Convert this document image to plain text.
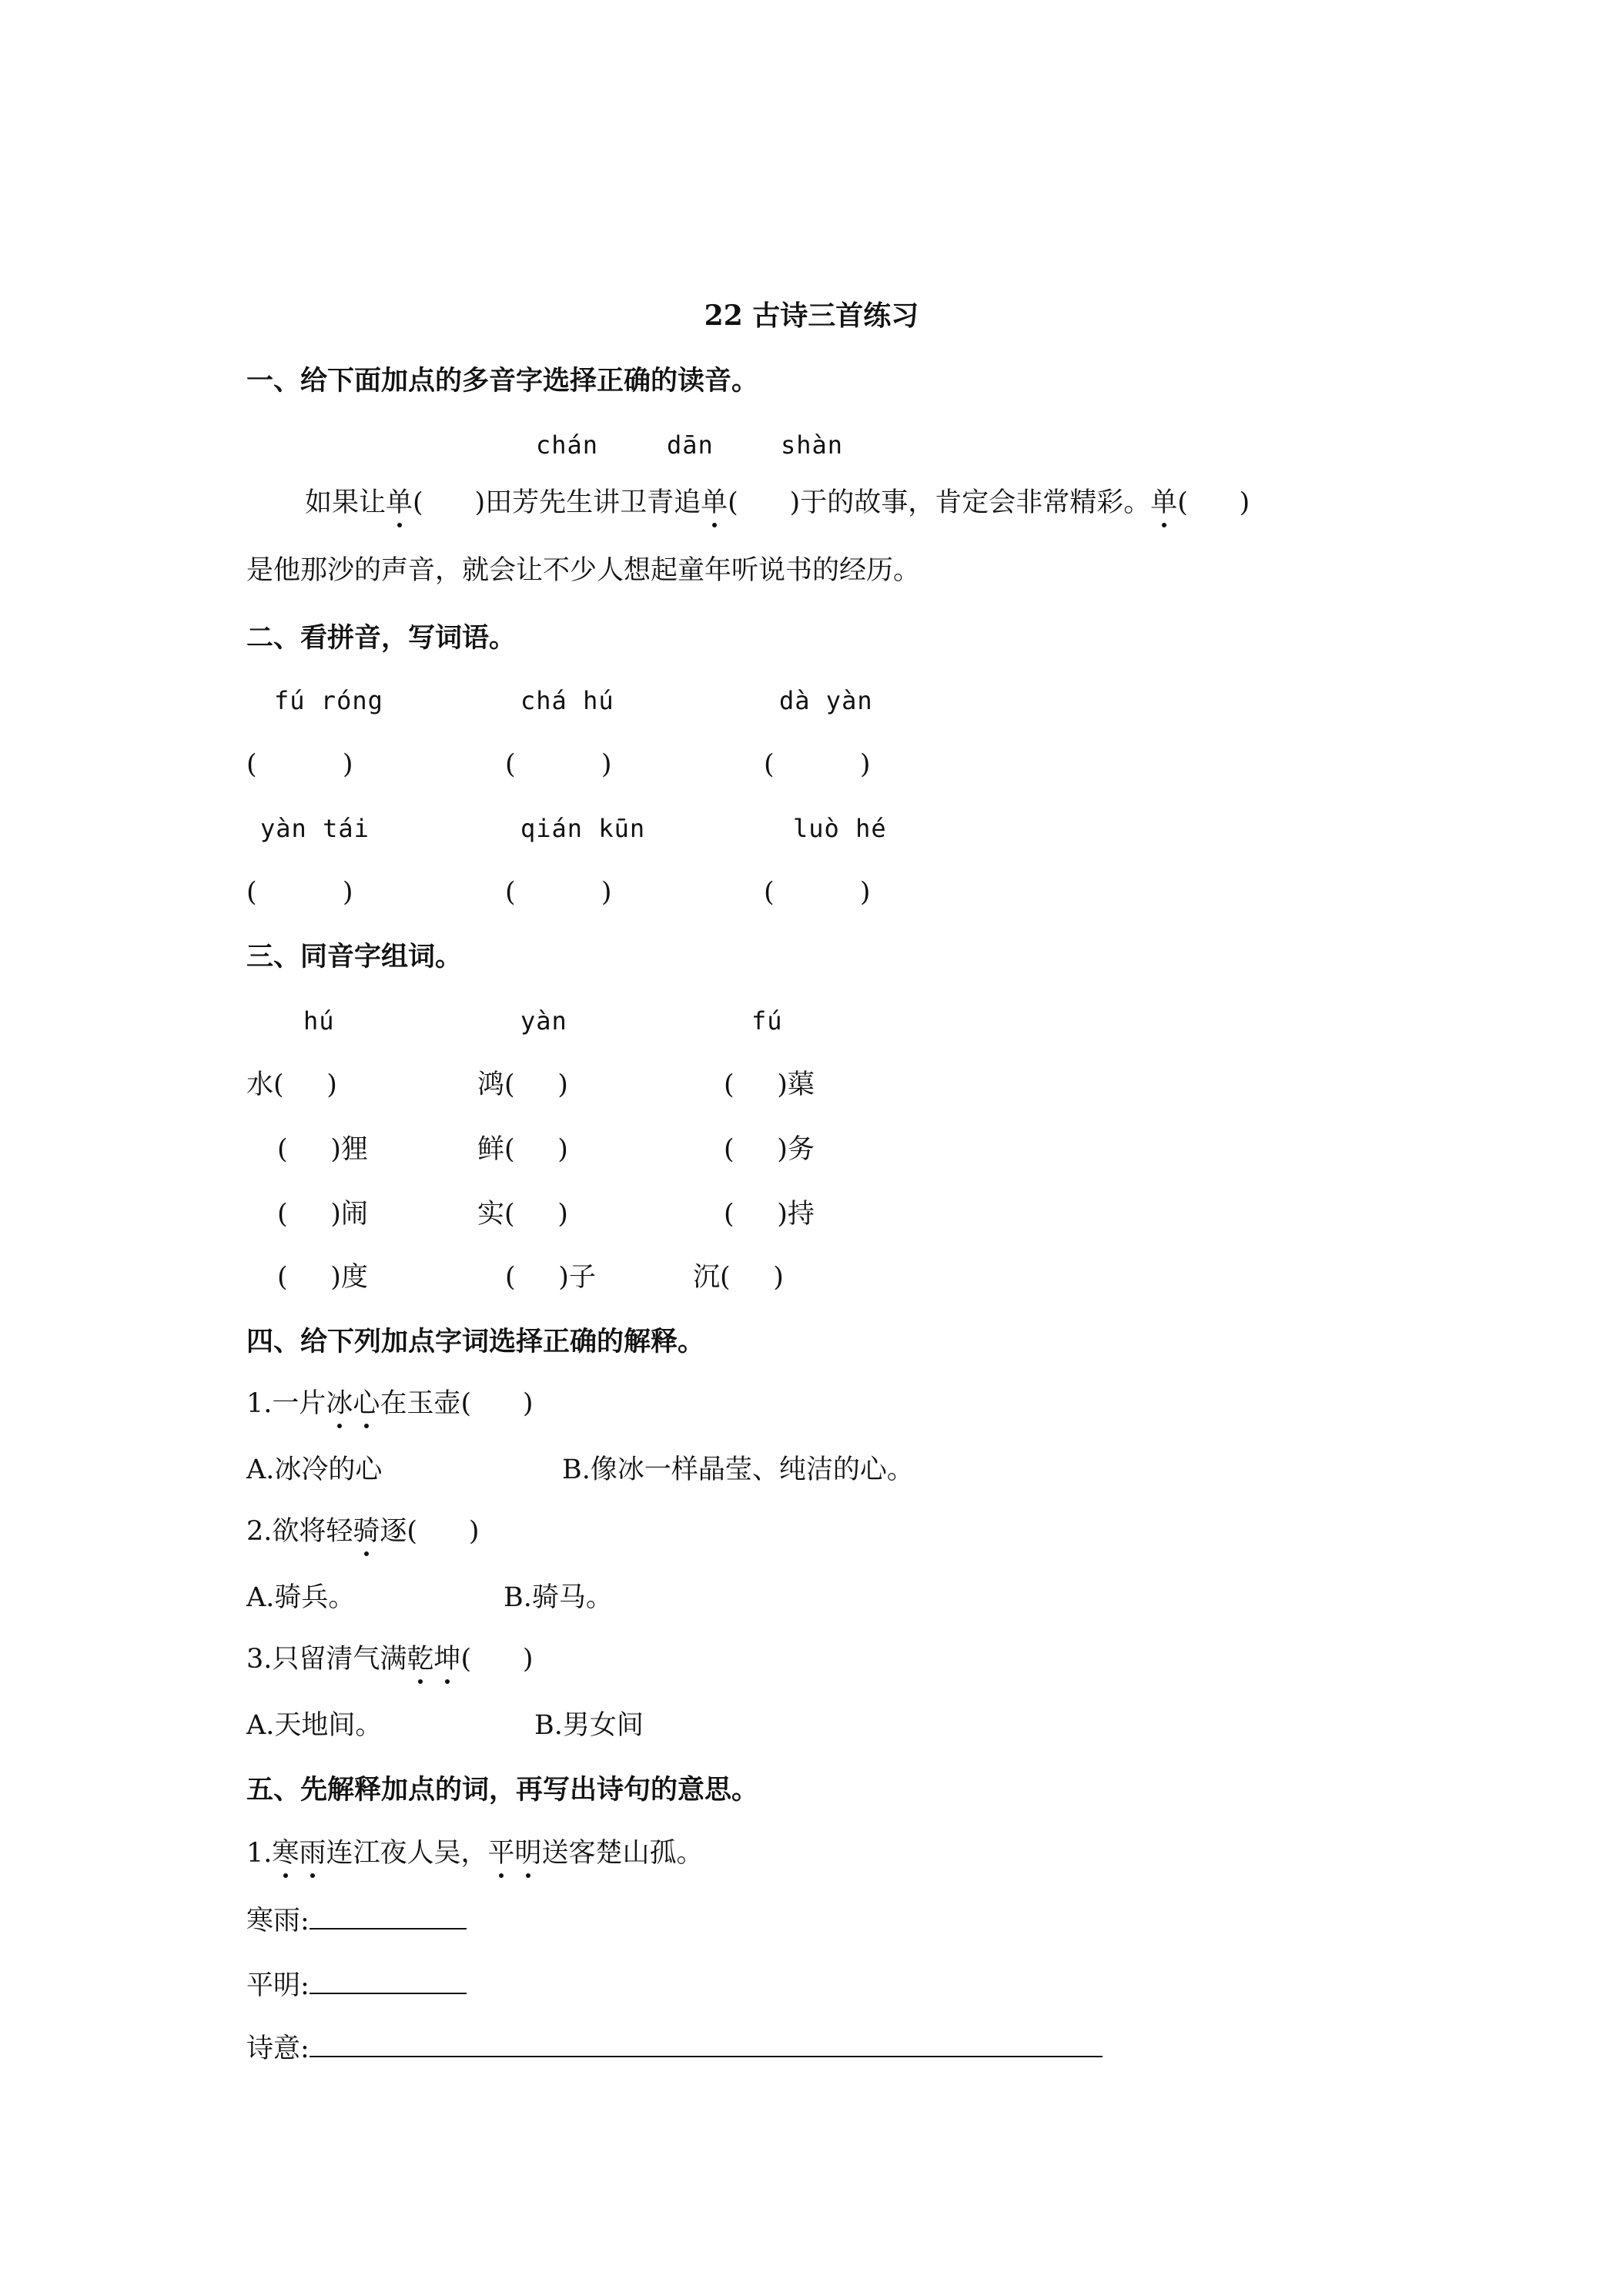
22 古诗三首练习
一、给下面加点的多音字选择正确的读音。
chán	dān	shàn
如果让单(      )田芳先生讲卫青追单(      )于的故事，肯定会非常精彩。单(      )
是他那沙的声音，就会让不少人想起童年听说书的经历。
二、看拼音，写词语。
fú róng	chá hú	dà yàn
(          )	(          )	(          )
yàn tái	qián kūn	luò hé
(          )	(          )	(          )
三、同音字组词。
hú	yàn	fú
水(     )	鸿(     )	(     )蕖
(     )狸	鲜(     )	(     )务
(     )闹	实(     )	(     )持
(     )度	(     )子	沉(     )
四、给下列加点字词选择正确的解释。
1.一片冰心在玉壶(      )
A.冰冷的心	B.像冰一样晶莹、纯洁的心。
2.欲将轻骑逐(      )
A.骑兵。	B.骑马。
3.只留清气满乾坤(      )
A.天地间。	B.男女间
五、先解释加点的词，再写出诗句的意思。
1.寒雨连江夜人吴，平明送客楚山孤。
寒雨:
平明:
诗意:
